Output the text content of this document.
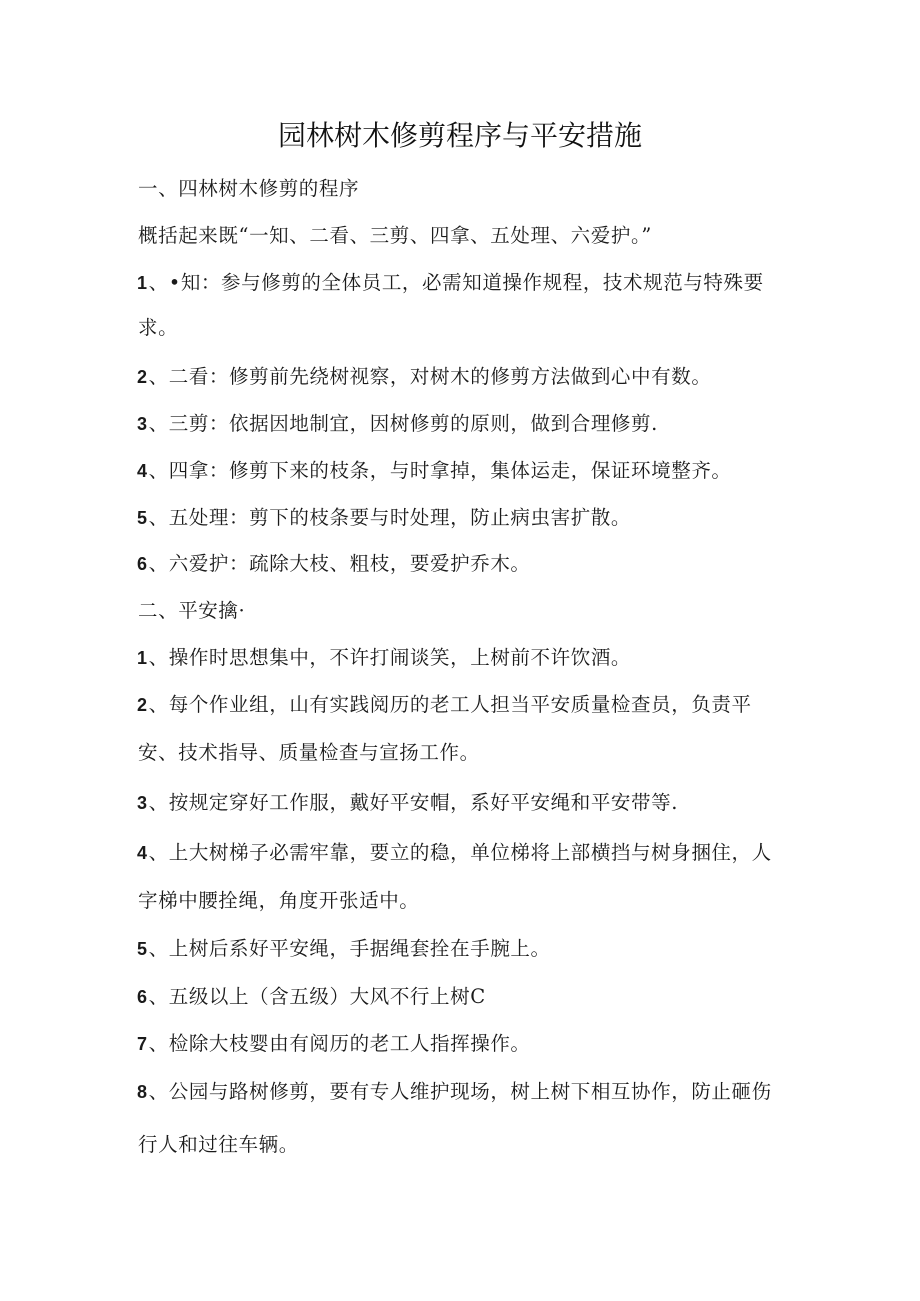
园林树木修剪程序与平安措施
一、四林树木修剪的程序
概括起来既“一知、二看、三剪、四拿、五处理、六爱护。”
1、•知：参与修剪的全体员工，必需知道操作规程，技术规范与特殊要
求。
2、二看：修剪前先绕树视察，对树木的修剪方法做到心中有数。
3、三剪：依据因地制宜，因树修剪的原则，做到合理修剪.
4、四拿：修剪下来的枝条，与时拿掉，集体运走，保证环境整齐。
5、五处理：剪下的枝条要与时处理，防止病虫害扩散。
6、六爱护：疏除大枝、粗枝，要爱护乔木。
二、平安擒·
1、操作时思想集中，不许打闹谈笑，上树前不许饮酒。
2、每个作业组，山有实践阅历的老工人担当平安质量检查员，负责平
安、技术指导、质量检查与宣扬工作。
3、按规定穿好工作服，戴好平安帽，系好平安绳和平安带等.
4、上大树梯子必需牢靠，要立的稳，单位梯将上部横挡与树身捆住，人
字梯中腰拴绳，角度开张适中。
5、上树后系好平安绳，手据绳套拴在手腕上。
6、五级以上（含五级）大风不行上树C
7、检除大枝婴由有阅历的老工人指挥操作。
8、公园与路树修剪，要有专人维护现场，树上树下相互协作，防止砸伤
行人和过往车辆。
